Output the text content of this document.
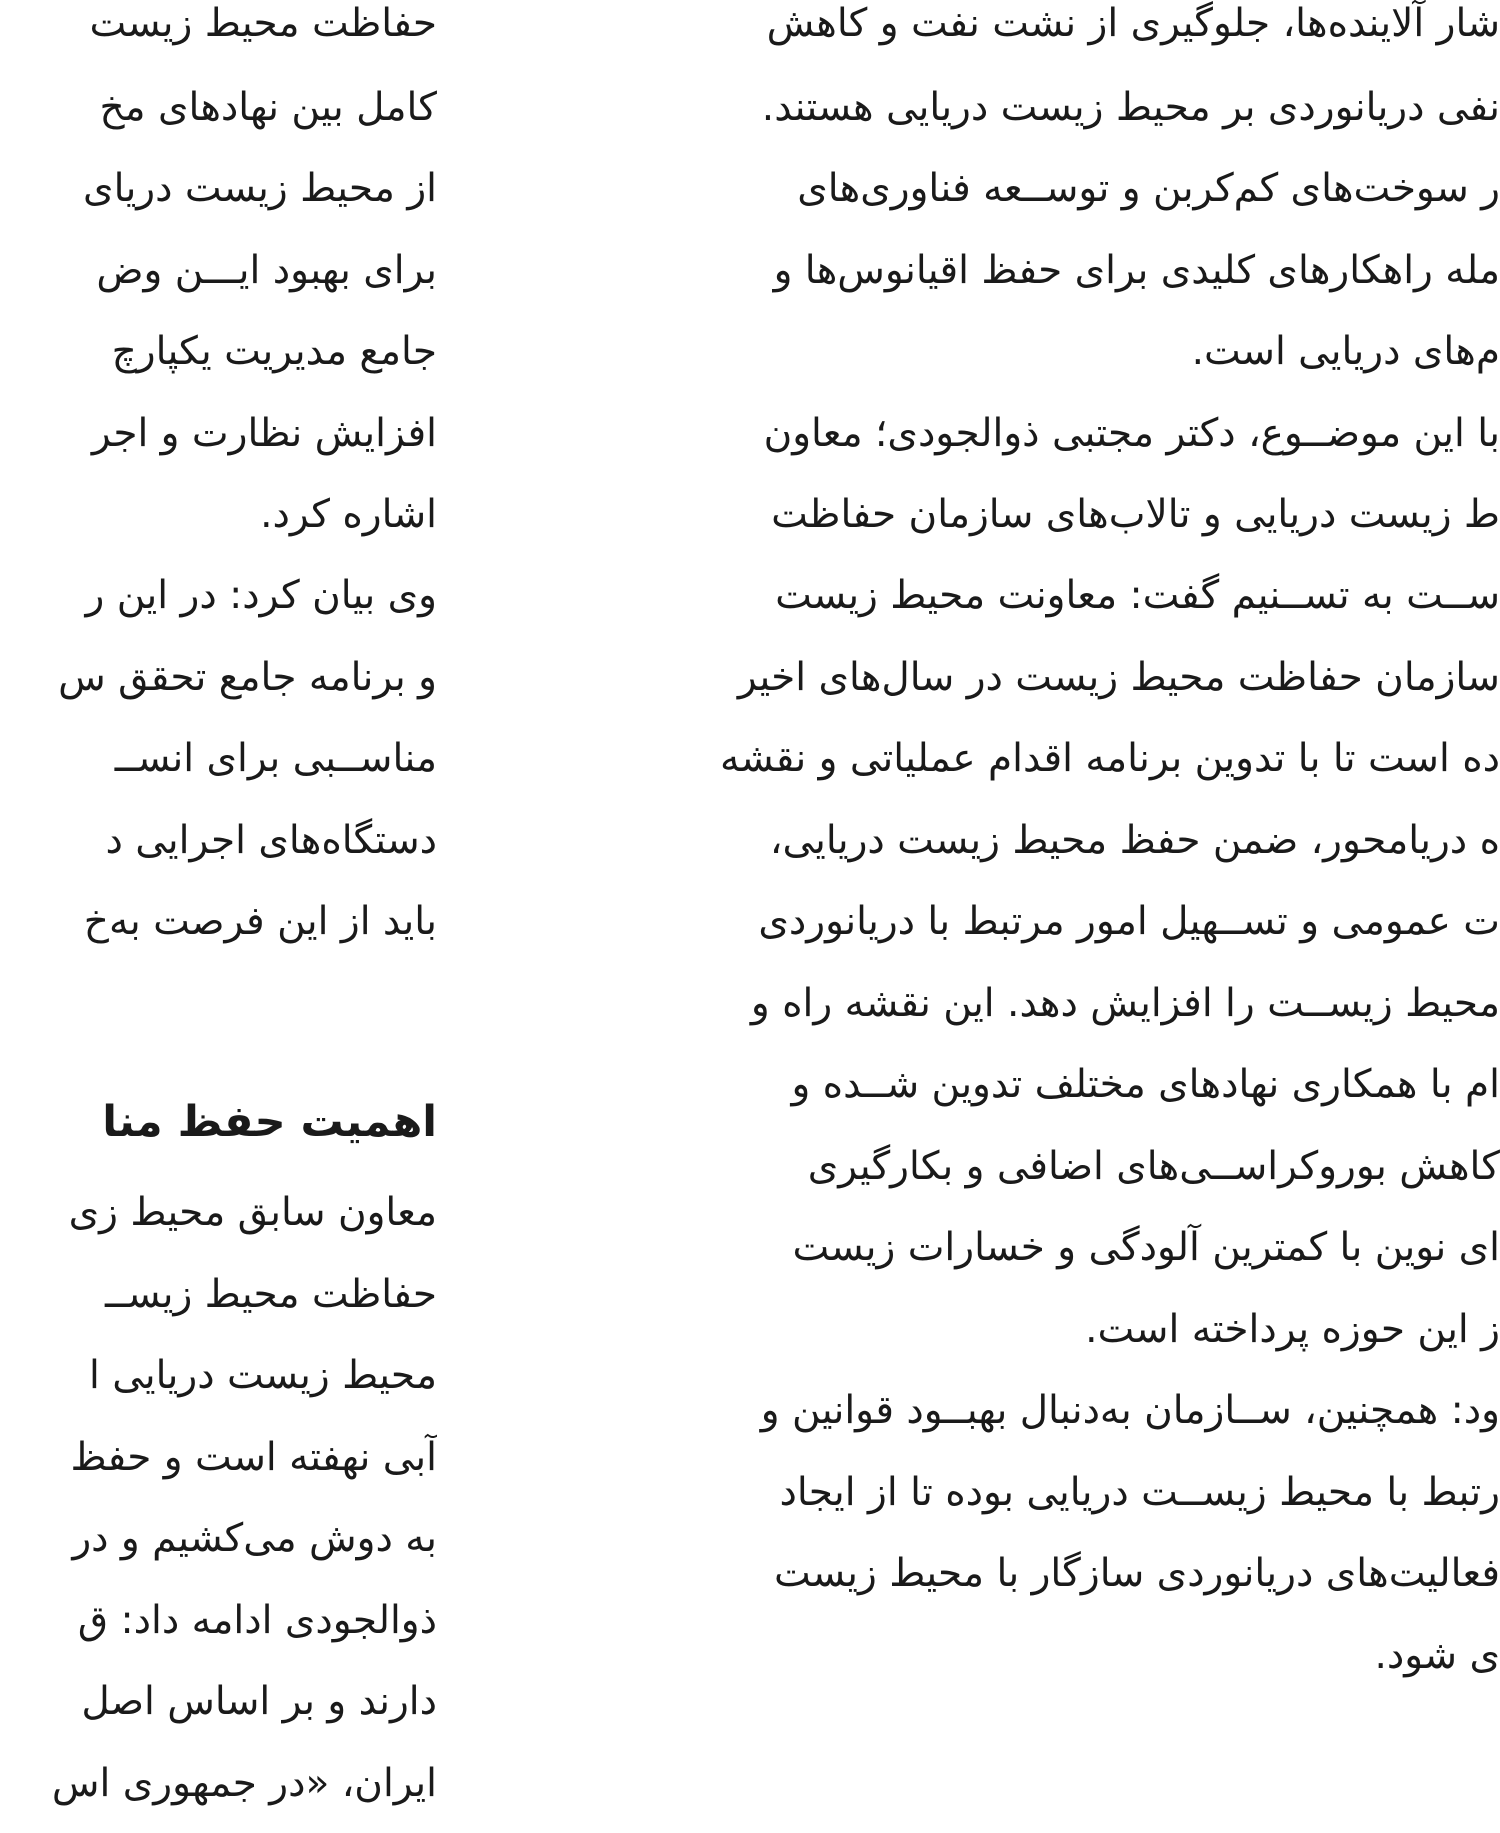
حفاظت محیط زیست
کامل بین نهادهای مخ
از محیط زیست دریای
برای بهبود ایـــن وض
جامع مدیریت یکپارچ
افزایش نظارت و اجر
اشاره کرد.
وی بیان کرد: در این ر
و برنامه جامع تحقق س
مناســبی برای انســ
دستگاه‌های اجرایی د
باید از این فرصت به‌خ
اهمیت حفظ منا
معاون سابق محیط زی
حفاظت محیط زیســ
محیط زیست دریایی ا
آبی نهفته است و حفظ
به دوش می‌کشیم و در
ذوالجودی ادامه داد: ق
دارند و بر اساس اصل
ایران، «در جمهوری اس
شار آلاینده‌ها، جلوگیری از نشت نفت و کاهش
نفی دریانوردی بر محیط زیست دریایی هستند.
ر سوخت‌های کم‌کربن و توســعه فناوری‌های
مله راهکارهای کلیدی برای حفظ اقیانوس‌ها و
م‌های دریایی است.
با این موضــوع، دکتر مجتبی ذوالجودی؛ معاون
ط زیست دریایی و تالاب‌های سازمان حفاظت
ســت به تســنیم گفت: معاونت محیط زیست
سازمان حفاظت محیط زیست در سال‌های اخیر
ده است تا با تدوین برنامه اقدام عملیاتی و نقشه
ه دریامحور، ضمن حفظ محیط زیست دریایی،
ت عمومی و تســهیل امور مرتبط با دریانوردی
محیط زیســت را افزایش دهد. این نقشه راه و
ام با همکاری نهادهای مختلف تدوین شــده و
کاهش بوروکراســی‌های اضافی و بکارگیری
ای نوین با کمترین آلودگی و خسارات زیست
ز این حوزه پرداخته است.
ود: همچنین، ســازمان به‌دنبال بهبــود قوانین و
رتبط با محیط زیســت دریایی بوده تا از ایجاد
فعالیت‌های دریانوردی سازگار با محیط زیست
ی شود.
